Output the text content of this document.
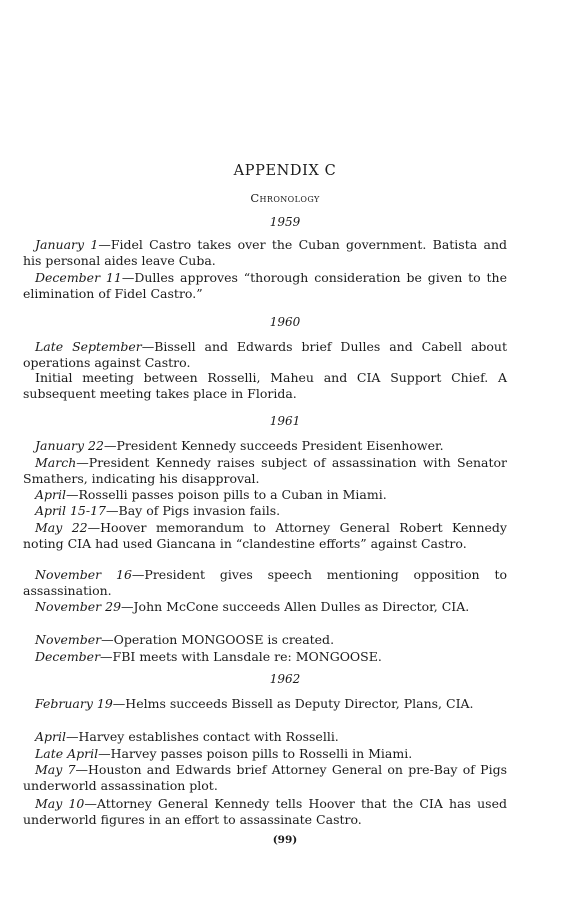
APPENDIX C
Chronology
1959
January 1—Fidel Castro takes over the Cuban government. Batista and his personal aides leave Cuba.
December 11—Dulles approves “thorough consideration be given to the elimination of Fidel Castro.”
1960
Late September—Bissell and Edwards brief Dulles and Cabell about operations against Castro.
Initial meeting between Rosselli, Maheu and CIA Support Chief. A subsequent meeting takes place in Florida.
1961
January 22—President Kennedy succeeds President Eisenhower.
March—President Kennedy raises subject of assassination with Senator Smathers, indicating his disapproval.
April—Rosselli passes poison pills to a Cuban in Miami.
April 15-17—Bay of Pigs invasion fails.
May 22—Hoover memorandum to Attorney General Robert Kennedy noting CIA had used Giancana in “clandestine efforts” against Castro.
November 16—President gives speech mentioning opposition to assassination.
November 29—John McCone succeeds Allen Dulles as Director, CIA.
November—Operation MONGOOSE is created.
December—FBI meets with Lansdale re: MONGOOSE.
1962
February 19—Helms succeeds Bissell as Deputy Director, Plans, CIA.
April—Harvey establishes contact with Rosselli.
Late April—Harvey passes poison pills to Rosselli in Miami.
May 7—Houston and Edwards brief Attorney General on pre-Bay of Pigs underworld assassination plot.
May 10—Attorney General Kennedy tells Hoover that the CIA has used underworld figures in an effort to assassinate Castro.
(99)
